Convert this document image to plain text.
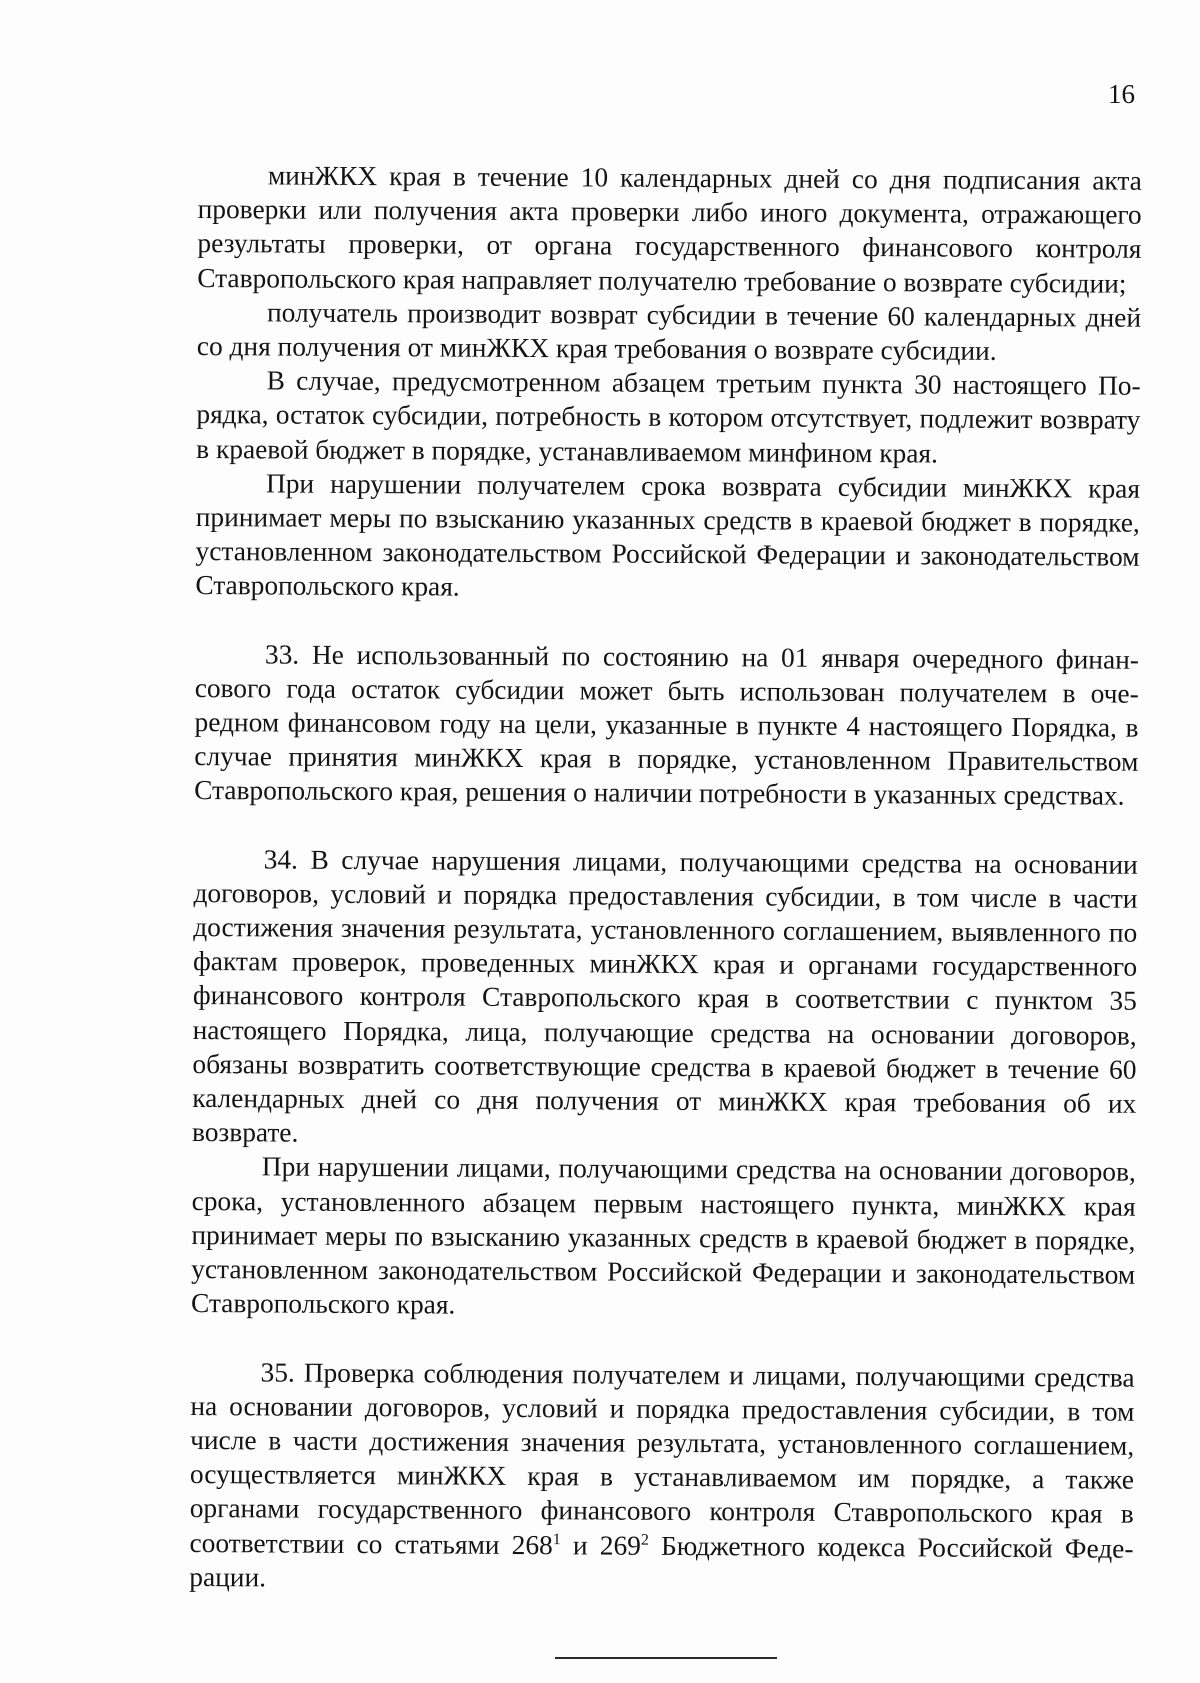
16

минЖКХ края в течение 10 календарных дней со дня подписания акта проверки или получения акта проверки либо иного документа, отражающего результаты проверки, от органа государственного финансового контроля Ставропольского края направляет получателю требование о возврате субсидии;

получатель производит возврат субсидии в течение 60 календарных дней со дня получения от минЖКХ края требования о возврате субсидии.

В случае, предусмотренном абзацем третьим пункта 30 настоящего Порядка, остаток субсидии, потребность в котором отсутствует, подлежит возврату в краевой бюджет в порядке, устанавливаемом минфином края.

При нарушении получателем срока возврата субсидии минЖКХ края принимает меры по взысканию указанных средств в краевой бюджет в порядке, установленном законодательством Российской Федерации и законодательством Ставропольского края.

33. Не использованный по состоянию на 01 января очередного финансового года остаток субсидии может быть использован получателем в очередном финансовом году на цели, указанные в пункте 4 настоящего Порядка, в случае принятия минЖКХ края в порядке, установленном Правительством Ставропольского края, решения о наличии потребности в указанных средствах.

34. В случае нарушения лицами, получающими средства на основании договоров, условий и порядка предоставления субсидии, в том числе в части достижения значения результата, установленного соглашением, выявленного по фактам проверок, проведенных минЖКХ края и органами государственного финансового контроля Ставропольского края в соответствии с пунктом 35 настоящего Порядка, лица, получающие средства на основании договоров, обязаны возвратить соответствующие средства в краевой бюджет в течение 60 календарных дней со дня получения от минЖКХ края требования об их возврате.

При нарушении лицами, получающими средства на основании договоров, срока, установленного абзацем первым настоящего пункта, минЖКХ края принимает меры по взысканию указанных средств в краевой бюджет в порядке, установленном законодательством Российской Федерации и законодательством Ставропольского края.

35. Проверка соблюдения получателем и лицами, получающими средства на основании договоров, условий и порядка предоставления субсидии, в том числе в части достижения значения результата, установленного соглашением, осуществляется минЖКХ края в устанавливаемом им порядке, а также органами государственного финансового контроля Ставропольского края в соответствии со статьями $268^1$ и $269^2$ Бюджетного кодекса Российской Федерации.
